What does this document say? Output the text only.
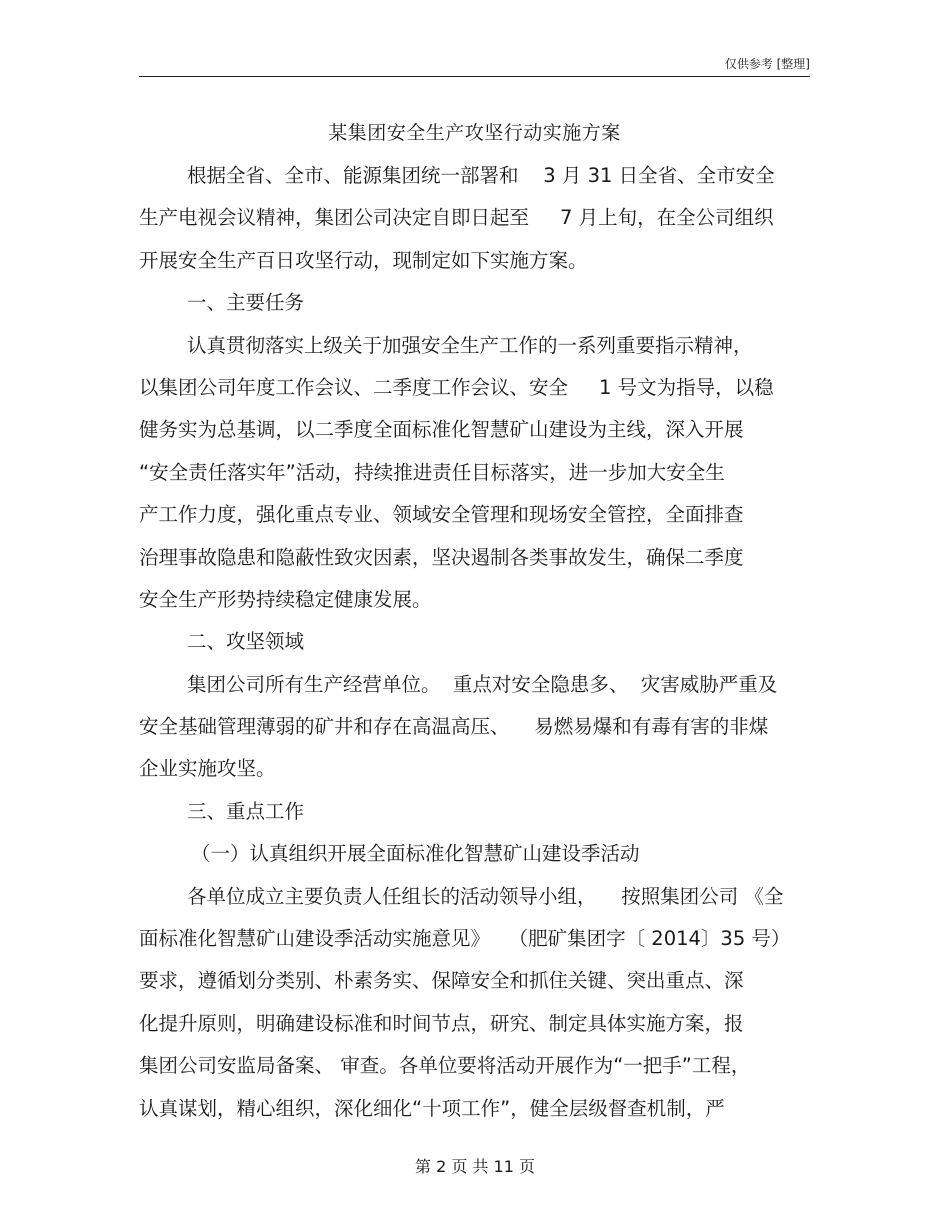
仅供参考 [整理]
某集团安全生产攻坚行动实施方案
根据全省、全市、能源集团统一部署和    3 月 31 日全省、全市安全
生产电视会议精神，集团公司决定自即日起至     7 月上旬，在全公司组织
开展安全生产百日攻坚行动，现制定如下实施方案。
一、主要任务
认真贯彻落实上级关于加强安全生产工作的一系列重要指示精神，
以集团公司年度工作会议、二季度工作会议、安全     1 号文为指导，以稳
健务实为总基调，以二季度全面标准化智慧矿山建设为主线，深入开展
“安全责任落实年”活动，持续推进责任目标落实，进一步加大安全生
产工作力度，强化重点专业、领域安全管理和现场安全管控，全面排查
治理事故隐患和隐蔽性致灾因素，坚决遏制各类事故发生，确保二季度
安全生产形势持续稳定健康发展。
二、攻坚领域
集团公司所有生产经营单位。  重点对安全隐患多、  灾害威胁严重及
安全基础管理薄弱的矿井和存在高温高压、    易燃易爆和有毒有害的非煤
企业实施攻坚。
三、重点工作
（一）认真组织开展全面标准化智慧矿山建设季活动
各单位成立主要负责人任组长的活动领导小组，    按照集团公司 《全
面标准化智慧矿山建设季活动实施意见》   （肥矿集团字〔 2014〕35 号）
要求，遵循划分类别、朴素务实、保障安全和抓住关键、突出重点、深
化提升原则，明确建设标准和时间节点，研究、制定具体实施方案，报
集团公司安监局备案、 审查。各单位要将活动开展作为“一把手”工程，
认真谋划，精心组织，深化细化“十项工作”，健全层级督查机制，严
第 2 页 共 11 页
